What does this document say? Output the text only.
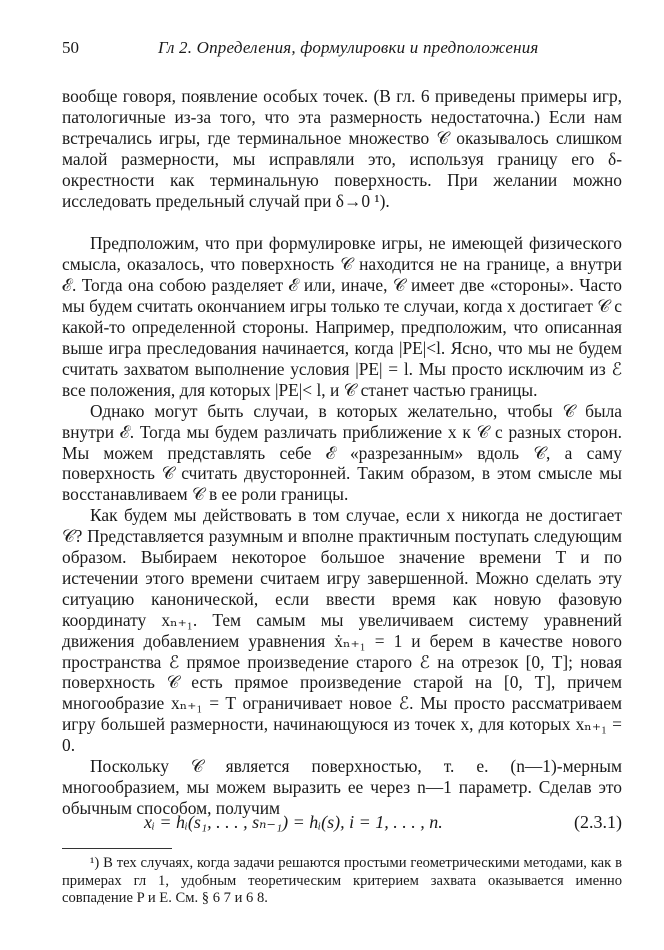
50	Гл 2. Определения, формулировки и предположения

вообще говоря, появление особых точек. (В гл. 6 приведены примеры игр, патологичные из-за того, что эта размерность недостаточна.) Если нам встречались игры, где терминальное множество 𝒞 оказывалось слишком малой размерности, мы исправляли это, используя границу его δ-окрестности как терминальную поверхность. При желании можно исследовать предельный случай при δ→0 ¹).

Предположим, что при формулировке игры, не имеющей физического смысла, оказалось, что поверхность 𝒞 находится не на границе, а внутри ℰ. Тогда она собою разделяет ℰ или, иначе, 𝒞 имеет две «стороны». Часто мы будем считать окончанием игры только те случаи, когда x достигает 𝒞 с какой-то определенной стороны. Например, предположим, что описанная выше игра преследования начинается, когда |PE|<l. Ясно, что мы не будем считать захватом выполнение условия |PE| = l. Мы просто исключим из ℰ все положения, для которых |PE|< l, и 𝒞 станет частью границы.

Однако могут быть случаи, в которых желательно, чтобы 𝒞 была внутри ℰ. Тогда мы будем различать приближение x к 𝒞 с разных сторон. Мы можем представлять себе ℰ «разрезанным» вдоль 𝒞, а саму поверхность 𝒞 считать двусторонней. Таким образом, в этом смысле мы восстанавливаем 𝒞 в ее роли границы.

Как будем мы действовать в том случае, если x никогда не достигает 𝒞? Представляется разумным и вполне практичным поступать следующим образом. Выбираем некоторое большое значение времени T и по истечении этого времени считаем игру завершенной. Можно сделать эту ситуацию канонической, если ввести время как новую фазовую координату xₙ₊₁. Тем самым мы увеличиваем систему уравнений движения добавлением уравнения ẋₙ₊₁ = 1 и берем в качестве нового пространства ℰ прямое произведение старого ℰ на отрезок [0, T]; новая поверхность 𝒞 есть прямое произведение старой на [0, T], причем многообразие xₙ₊₁ = T ограничивает новое ℰ. Мы просто рассматриваем игру большей размерности, начинающуюся из точек x, для которых xₙ₊₁ = 0.

Поскольку 𝒞 является поверхностью, т. е. (n—1)-мерным многообразием, мы можем выразить ее через n—1 параметр. Сделав это обычным способом, получим

xᵢ = hᵢ(s₁, . . . , sₙ₋₁) = hᵢ(s), i = 1, . . . , n.	(2.3.1)

¹) В тех случаях, когда задачи решаются простыми геометрическими методами, как в примерах гл 1, удобным теоретическим критерием захвата оказывается именно совпадение P и E. См. § 6 7 и 6 8.
